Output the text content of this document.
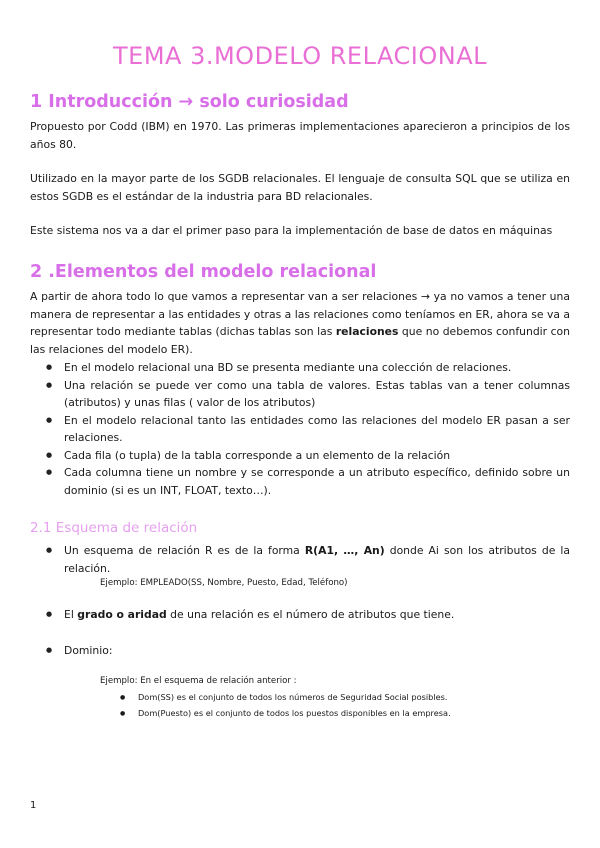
TEMA 3.MODELO RELACIONAL
1 Introducción → solo curiosidad

Propuesto por Codd (IBM) en 1970. Las primeras implementaciones aparecieron a principios de los años 80.

Utilizado en la mayor parte de los SGDB relacionales. El lenguaje de consulta SQL que se utiliza en estos SGDB es el estándar de la industria para BD relacionales.

Este sistema nos va a dar el primer paso para la implementación de base de datos en máquinas

2 .Elementos del modelo relacional

A partir de ahora todo lo que vamos a representar van a ser relaciones → ya no vamos a tener una manera de representar a las entidades y otras a las relaciones como teníamos en ER, ahora se va a representar todo mediante tablas (dichas tablas son las relaciones que no debemos confundir con las relaciones del modelo ER).

● En el modelo relacional una BD se presenta mediante una colección de relaciones.
● Una relación se puede ver como una tabla de valores. Estas tablas van a tener columnas (atributos) y unas filas ( valor de los atributos)
● En el modelo relacional tanto las entidades como las relaciones del modelo ER pasan a ser relaciones.
● Cada fila (o tupla) de la tabla corresponde a un elemento de la relación
● Cada columna tiene un nombre y se corresponde a un atributo específico, definido sobre un dominio (si es un INT, FLOAT, texto…).
2.1 Esquema de relación
● Un esquema de relación R es de la forma R(A1, …, An) donde Ai son los atributos de la relación.
Ejemplo: EMPLEADO(SS, Nombre, Puesto, Edad, Teléfono)
● El grado o aridad de una relación es el número de atributos que tiene.
● Dominio:
Ejemplo: En el esquema de relación anterior :
● Dom(SS) es el conjunto de todos los números de Seguridad Social posibles.
● Dom(Puesto) es el conjunto de todos los puestos disponibles en la empresa.
1
